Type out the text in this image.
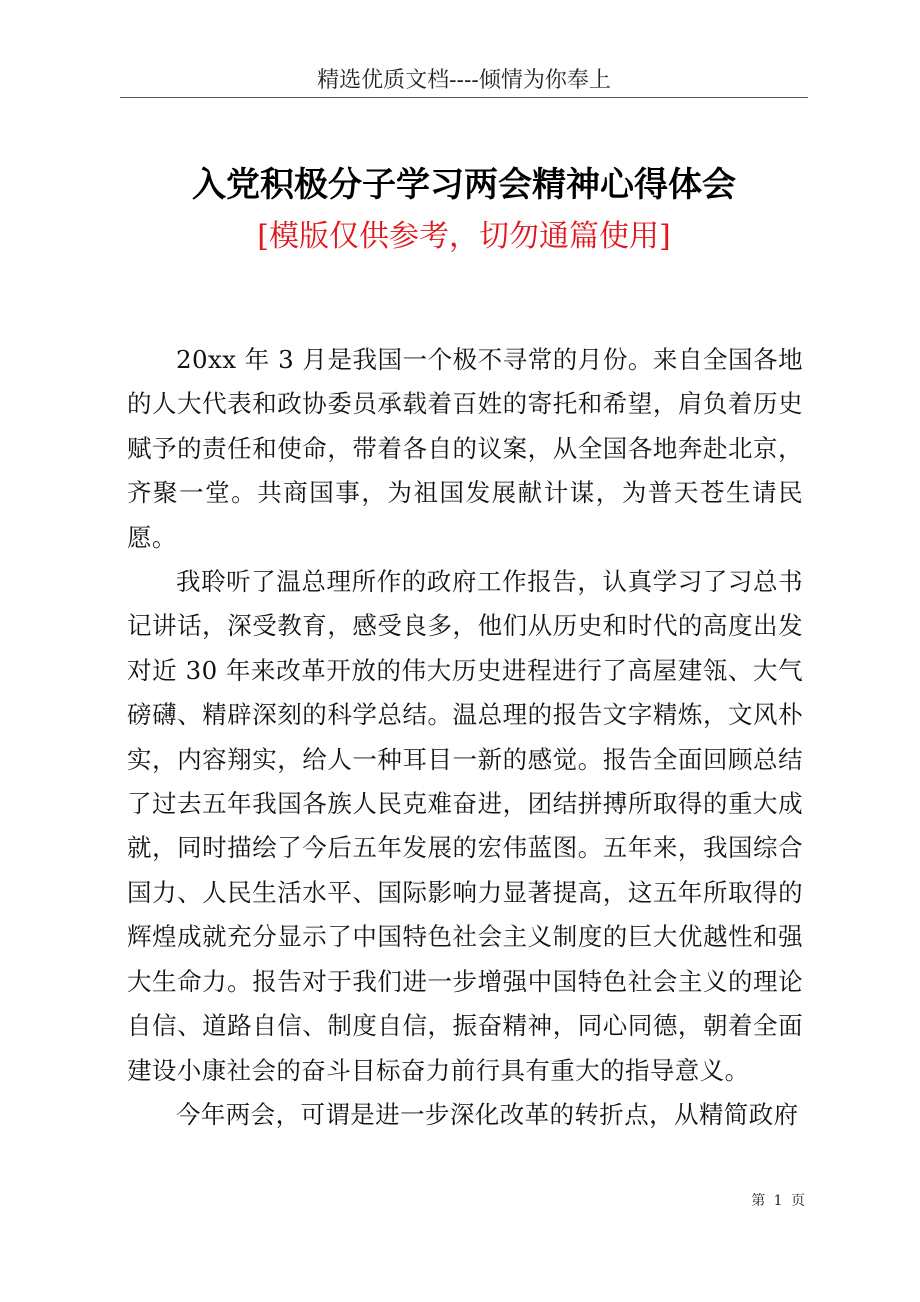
精选优质文档----倾情为你奉上
入党积极分子学习两会精神心得体会
[模版仅供参考，切勿通篇使用]

20xx 年 3 月是我国一个极不寻常的月份。来自全国各地的人大代表和政协委员承载着百姓的寄托和希望，肩负着历史赋予的责任和使命，带着各自的议案，从全国各地奔赴北京，齐聚一堂。共商国事，为祖国发展献计谋，为普天苍生请民愿。

我聆听了温总理所作的政府工作报告，认真学习了习总书记讲话，深受教育，感受良多，他们从历史和时代的高度出发对近 30 年来改革开放的伟大历史进程进行了高屋建瓴、大气磅礴、精辟深刻的科学总结。温总理的报告文字精炼，文风朴实，内容翔实，给人一种耳目一新的感觉。报告全面回顾总结了过去五年我国各族人民克难奋进，团结拼搏所取得的重大成就，同时描绘了今后五年发展的宏伟蓝图。五年来，我国综合国力、人民生活水平、国际影响力显著提高，这五年所取得的辉煌成就充分显示了中国特色社会主义制度的巨大优越性和强大生命力。报告对于我们进一步增强中国特色社会主义的理论自信、道路自信、制度自信，振奋精神，同心同德，朝着全面建设小康社会的奋斗目标奋力前行具有重大的指导意义。

今年两会，可谓是进一步深化改革的转折点，从精简政府

第 1 页
